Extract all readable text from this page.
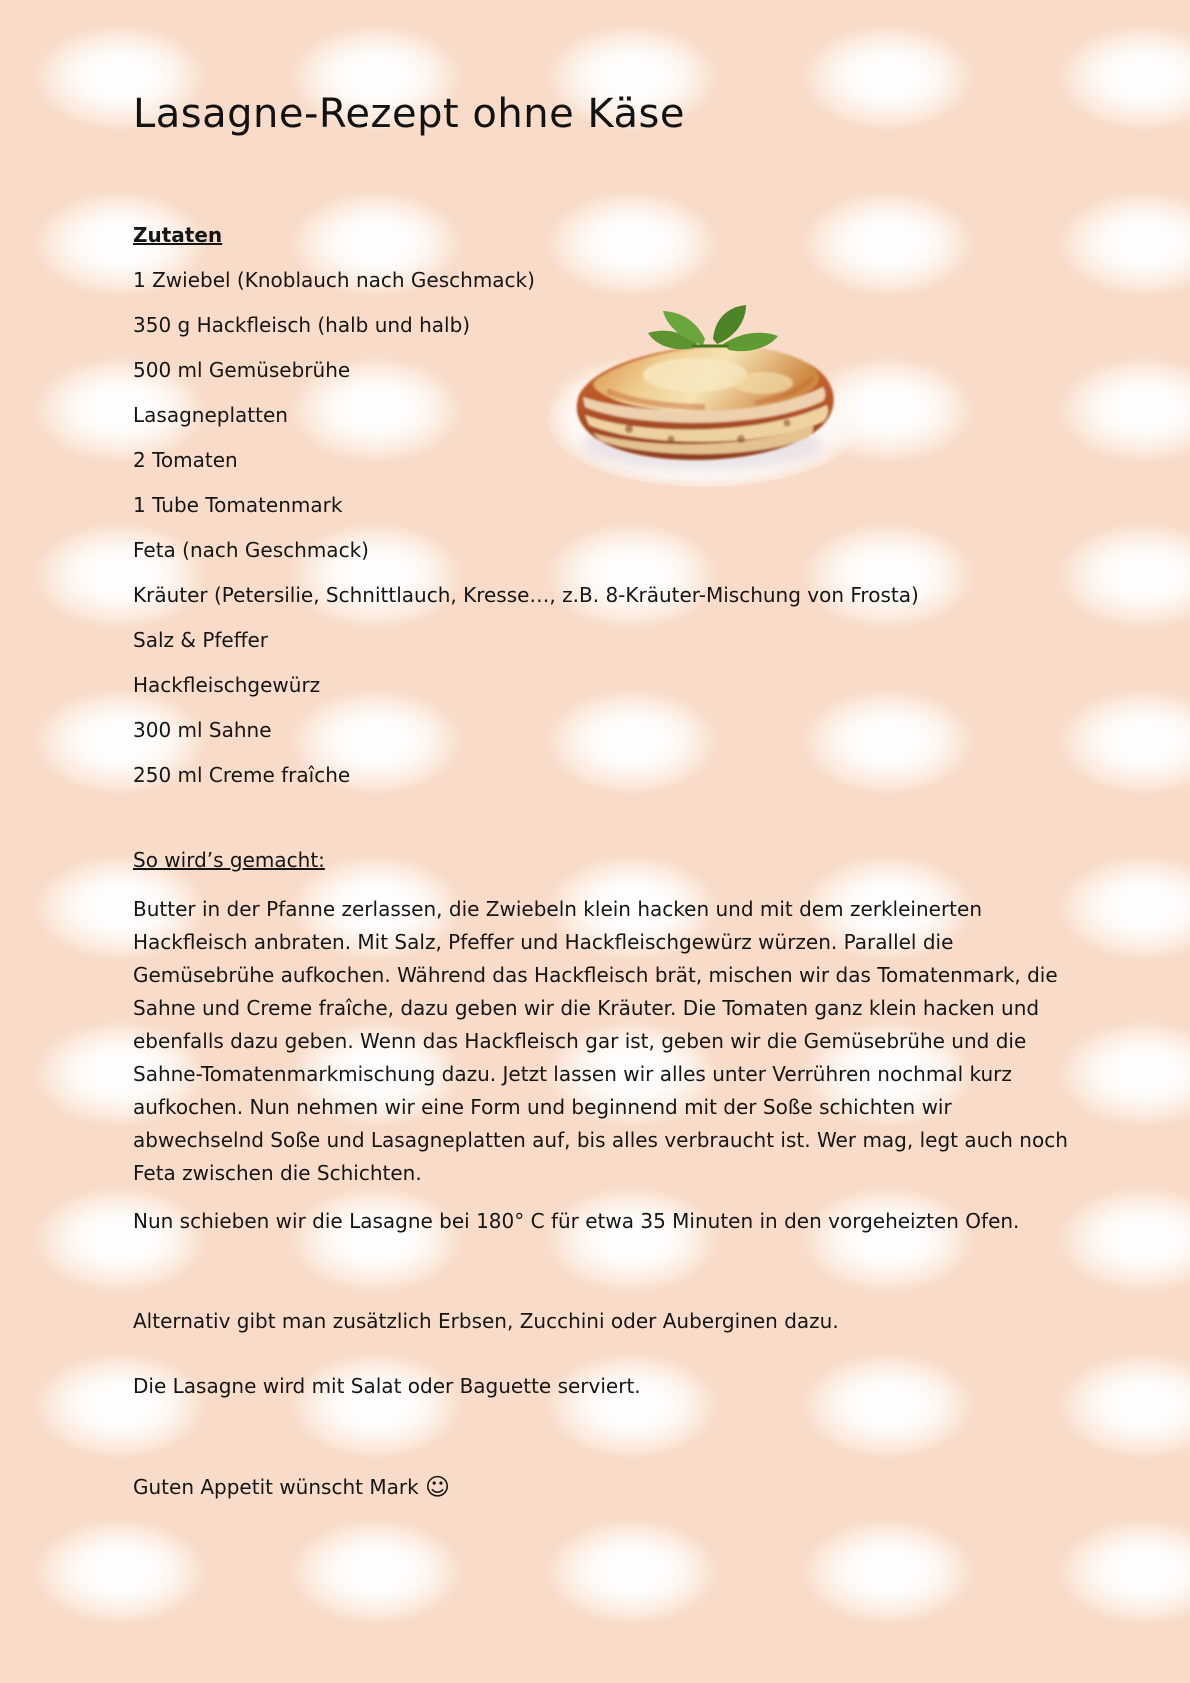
Lasagne-Rezept ohne Käse
Zutaten
1 Zwiebel (Knoblauch nach Geschmack)
350 g Hackfleisch (halb und halb)
500 ml Gemüsebrühe
Lasagneplatten
2 Tomaten
1 Tube Tomatenmark
Feta (nach Geschmack)
Kräuter (Petersilie, Schnittlauch, Kresse…, z.B. 8-Kräuter-Mischung von Frosta)
Salz & Pfeffer
Hackfleischgewürz
300 ml Sahne
250 ml Creme fraîche
So wird’s gemacht:

Butter in der Pfanne zerlassen, die Zwiebeln klein hacken und mit dem zerkleinerten Hackfleisch anbraten. Mit Salz, Pfeffer und Hackfleischgewürz würzen. Parallel die Gemüsebrühe aufkochen. Während das Hackfleisch brät, mischen wir das Tomatenmark, die Sahne und Creme fraîche, dazu geben wir die Kräuter. Die Tomaten ganz klein hacken und ebenfalls dazu geben. Wenn das Hackfleisch gar ist, geben wir die Gemüsebrühe und die Sahne-Tomatenmarkmischung dazu. Jetzt lassen wir alles unter Verrühren nochmal kurz aufkochen. Nun nehmen wir eine Form und beginnend mit der Soße schichten wir abwechselnd Soße und Lasagneplatten auf, bis alles verbraucht ist. Wer mag, legt auch noch Feta zwischen die Schichten.

Nun schieben wir die Lasagne bei 180° C für etwa 35 Minuten in den vorgeheizten Ofen.

Alternativ gibt man zusätzlich Erbsen, Zucchini oder Auberginen dazu.

Die Lasagne wird mit Salat oder Baguette serviert.

Guten Appetit wünscht Mark ☺
